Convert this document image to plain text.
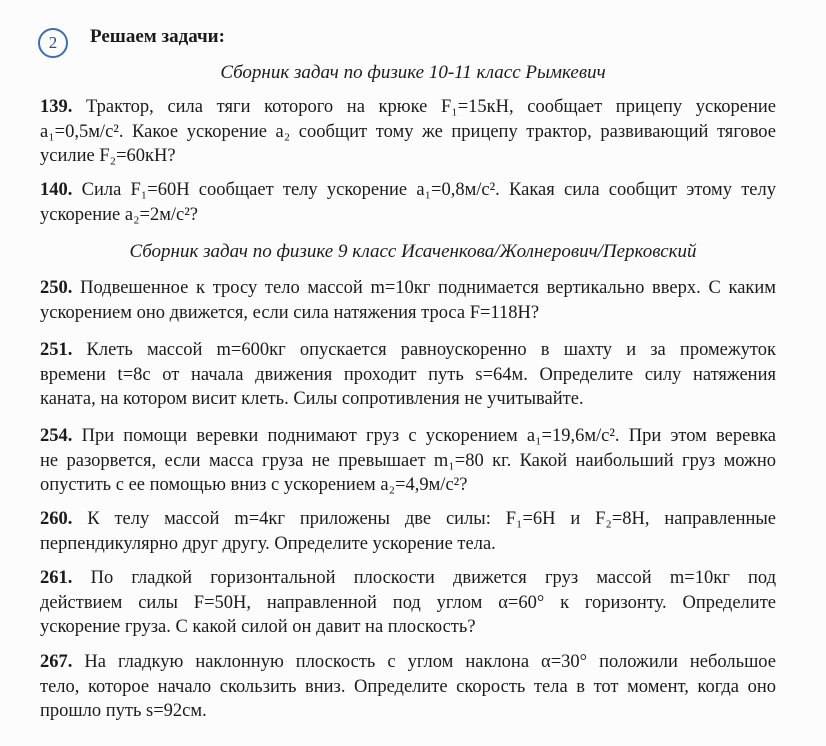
2	Решаем задачи:
Сборник задач по физике 10-11 класс Рымкевич
139. Трактор, сила тяги которого на крюке F₁=15кН, сообщает прицепу ускорение
a₁=0,5м/с². Какое ускорение a₂ сообщит тому же прицепу трактор, развивающий тяговое
усилие F₂=60кН?
140. Сила F₁=60Н сообщает телу ускорение a₁=0,8м/с². Какая сила сообщит этому телу
ускорение a₂=2м/с²?
Сборник задач по физике 9 класс Исаченкова/Жолнерович/Перковский
250. Подвешенное к тросу тело массой m=10кг поднимается вертикально вверх. С каким
ускорением оно движется, если сила натяжения троса F=118Н?
251. Клеть массой m=600кг опускается равноускоренно в шахту и за промежуток
времени t=8с от начала движения проходит путь s=64м. Определите силу натяжения
каната, на котором висит клеть. Силы сопротивления не учитывайте.
254. При помощи веревки поднимают груз с ускорением a₁=19,6м/с². При этом веревка
не разорвется, если масса груза не превышает m₁=80 кг. Какой наибольший груз можно
опустить с ее помощью вниз с ускорением a₂=4,9м/с²?
260. К телу массой m=4кг приложены две силы: F₁=6Н и F₂=8Н, направленные
перпендикулярно друг другу. Определите ускорение тела.
261. По гладкой горизонтальной плоскости движется груз массой m=10кг под
действием силы F=50Н, направленной под углом α=60° к горизонту. Определите
ускорение груза. С какой силой он давит на плоскость?
267. На гладкую наклонную плоскость с углом наклона α=30° положили небольшое
тело, которое начало скользить вниз. Определите скорость тела в тот момент, когда оно
прошло путь s=92см.
